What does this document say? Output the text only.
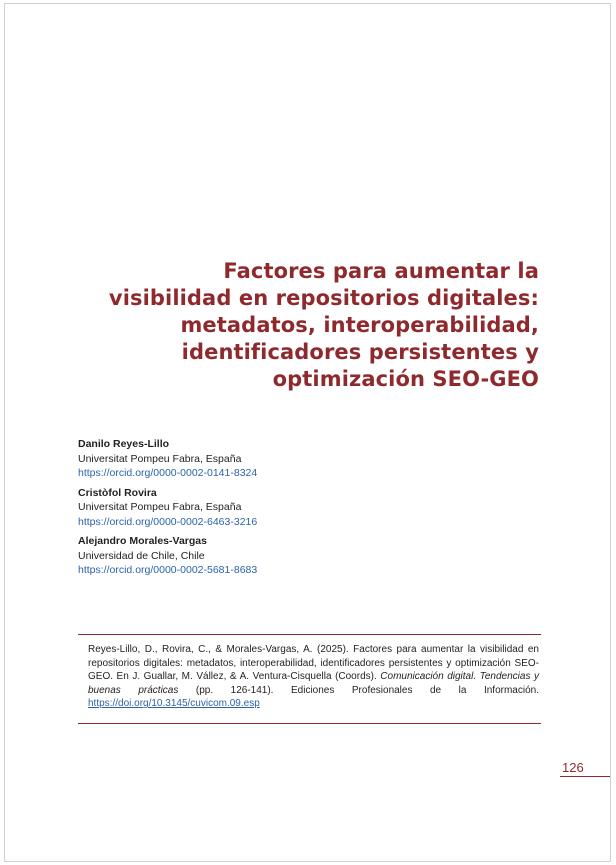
Factores para aumentar la
visibilidad en repositorios digitales:
metadatos, interoperabilidad,
identificadores persistentes y
optimización SEO-GEO
Danilo Reyes-Lillo
Universitat Pompeu Fabra, España
https://orcid.org/0000-0002-0141-8324
Cristòfol Rovira
Universitat Pompeu Fabra, España
https://orcid.org/0000-0002-6463-3216
Alejandro Morales-Vargas
Universidad de Chile, Chile
https://orcid.org/0000-0002-5681-8683

Reyes-Lillo, D., Rovira, C., & Morales-Vargas, A. (2025). Factores para aumentar la visibilidad en repositorios digitales: metadatos, interoperabilidad, identificadores persistentes y optimización SEO-GEO. En J. Guallar, M. Vállez, & A. Ventura-Cisquella (Coords). Comunicación digital. Tendencias y buenas prácticas (pp. 126-141). Ediciones Profesionales de la Información. https://doi.org/10.3145/cuvicom.09.esp

126
